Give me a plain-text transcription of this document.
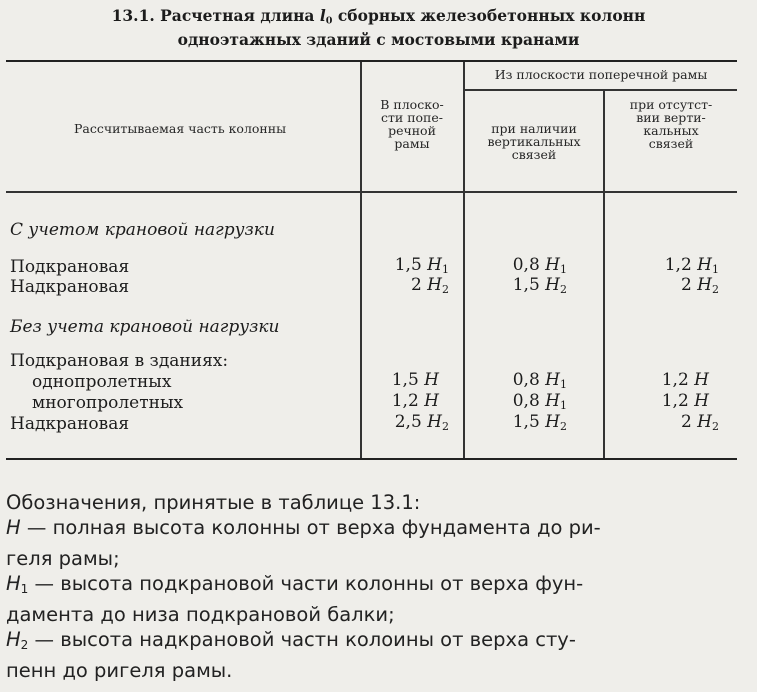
13.1. Расчетная длина $l_0$ сборных железобетонных колонн
одноэтажных зданий с мостовыми кранами
Рассчитываемая часть колонны
В плоско-
сти попе-
речной
рамы
Из плоскости поперечной рамы
при наличии
вертикальных
связей
при отсутст-
вии верти-
кальных
связей
С учетом крановой нагрузки
Подкрановая	1,5 $H_1$	0,8 $H_1$	1,2 $H_1$
Надкрановая	2 $H_2$	1,5 $H_2$	2 $H_2$
Без учета крановой нагрузки
Подкрановая в зданиях:
однопролетных	1,5 H	0,8 $H_1$	1,2 H
многопролетных	1,2 H	0,8 $H_1$	1,2 H
Надкрановая	2,5 $H_2$	1,5 $H_2$	2 $H_2$

Обозначения, принятые в таблице 13.1:

H — полная высота колонны от верха фундамента до ри-
геля рамы;

$H_1$ — высота подкрановой части колонны от верха фун-
дамента до низа подкрановой балки;

$H_2$ — высота надкрановой частн колоины от верха сту-
пенн до ригеля рамы.
